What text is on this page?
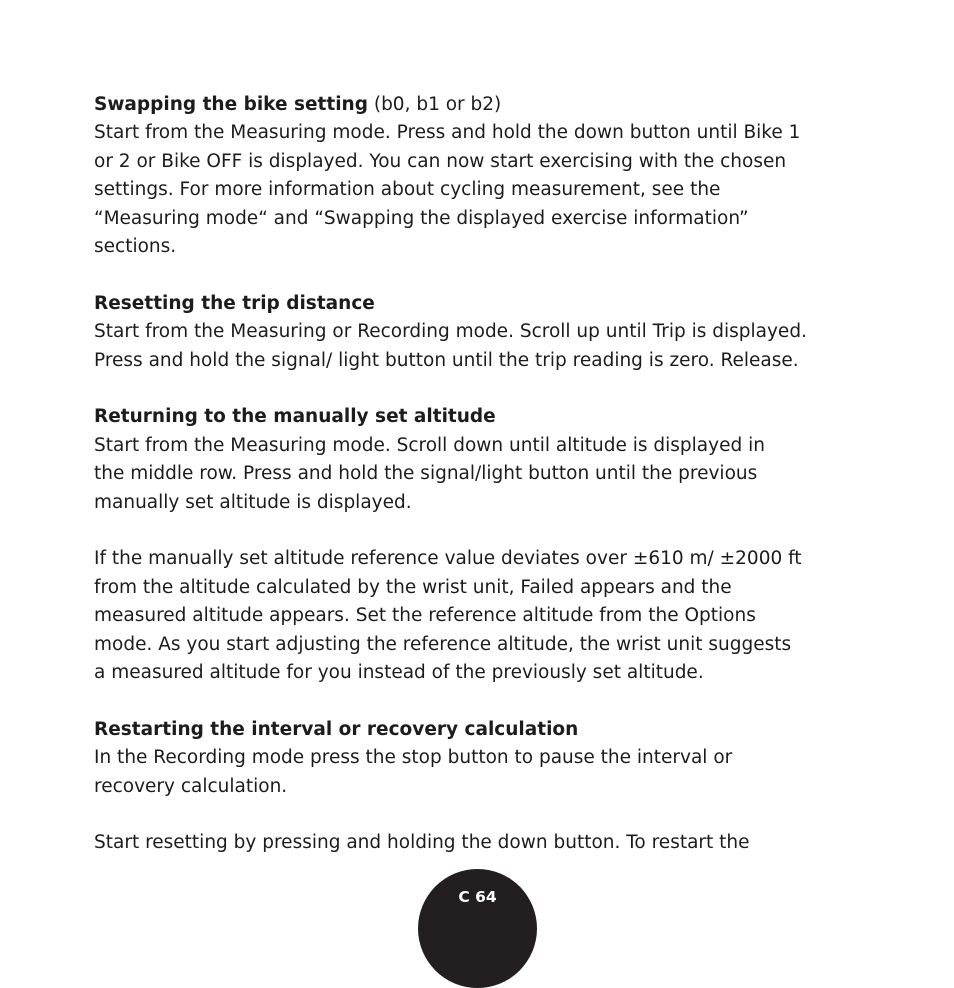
Swapping the bike setting (b0, b1 or b2)

Start from the Measuring mode. Press and hold the down button until Bike 1

or 2 or Bike OFF is displayed. You can now start exercising with the chosen

settings. For more information about cycling measurement, see the

“Measuring mode“ and “Swapping the displayed exercise information”

sections.

Resetting the trip distance

Start from the Measuring or Recording mode. Scroll up until Trip is displayed.

Press and hold the signal/ light button until the trip reading is zero. Release.

Returning to the manually set altitude

Start from the Measuring mode. Scroll down until altitude is displayed in

the middle row. Press and hold the signal/light button until the previous

manually set altitude is displayed.

If the manually set altitude reference value deviates over ±610 m/ ±2000 ft

from the altitude calculated by the wrist unit, Failed appears and the

measured altitude appears. Set the reference altitude from the Options

mode. As you start adjusting the reference altitude, the wrist unit suggests

a measured altitude for you instead of the previously set altitude.

Restarting the interval or recovery calculation

In the Recording mode press the stop button to pause the interval or

recovery calculation.

Start resetting by pressing and holding the down button. To restart the

C 64
